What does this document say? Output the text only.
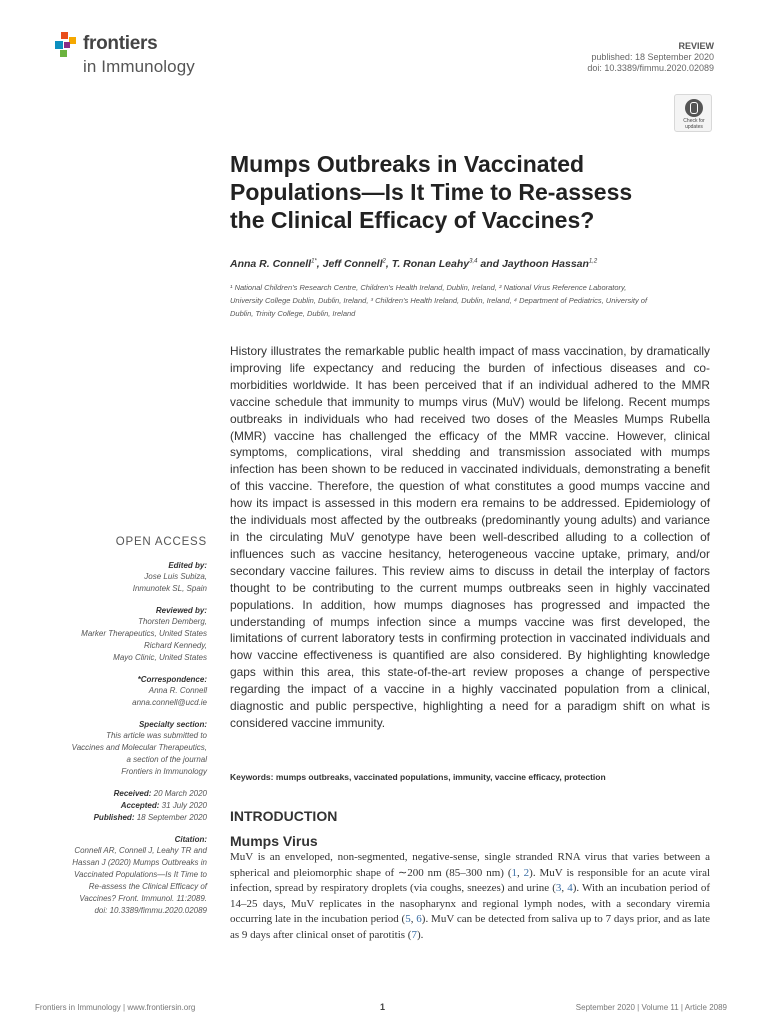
frontiers
in Immunology
REVIEW
published: 18 September 2020
doi: 10.3389/fimmu.2020.02089
Check for
updates
Mumps Outbreaks in Vaccinated
Populations—Is It Time to Re-assess
the Clinical Efficacy of Vaccines?
Anna R. Connell$^{1*}$, Jeff Connell$^2$, T. Ronan Leahy$^{3,4}$ and Jaythoon Hassan$^{1,2}$
¹ National Children’s Research Centre, Children’s Health Ireland, Dublin, Ireland, ² National Virus Reference Laboratory,
University College Dublin, Dublin, Ireland, ³ Children’s Health Ireland, Dublin, Ireland, ⁴ Department of Pediatrics, University of
Dublin, Trinity College, Dublin, Ireland

History illustrates the remarkable public health impact of mass vaccination, by dramatically improving life expectancy and reducing the burden of infectious diseases and co-morbidities worldwide. It has been perceived that if an individual adhered to the MMR vaccine schedule that immunity to mumps virus (MuV) would be lifelong. Recent mumps outbreaks in individuals who had received two doses of the Measles Mumps Rubella (MMR) vaccine has challenged the efficacy of the MMR vaccine. However, clinical symptoms, complications, viral shedding and transmission associated with mumps infection has been shown to be reduced in vaccinated individuals, demonstrating a benefit of this vaccine. Therefore, the question of what constitutes a good mumps vaccine and how its impact is assessed in this modern era remains to be addressed. Epidemiology of the individuals most affected by the outbreaks (predominantly young adults) and variance in the circulating MuV genotype have been well-described alluding to a collection of influences such as vaccine hesitancy, heterogeneous vaccine uptake, primary, and/or secondary vaccine failures. This review aims to discuss in detail the interplay of factors thought to be contributing to the current mumps outbreaks seen in highly vaccinated populations. In addition, how mumps diagnoses has progressed and impacted the understanding of mumps infection since a mumps vaccine was first developed, the limitations of current laboratory tests in confirming protection in vaccinated individuals and how vaccine effectiveness is quantified are also considered. By highlighting knowledge gaps within this area, this state-of-the-art review proposes a change of perspective regarding the impact of a vaccine in a highly vaccinated population from a clinical, diagnostic and public perspective, highlighting a need for a paradigm shift on what is considered vaccine immunity.

Keywords: mumps outbreaks, vaccinated populations, immunity, vaccine efficacy, protection
OPEN ACCESS
Edited by:
Jose Luis Subiza,
Inmunotek SL, Spain
Reviewed by:
Thorsten Demberg,
Marker Therapeutics, United States
Richard Kennedy,
Mayo Clinic, United States
*Correspondence:
Anna R. Connell
anna.connell@ucd.ie
Specialty section:
This article was submitted to
Vaccines and Molecular Therapeutics,
a section of the journal
Frontiers in Immunology
Received: 20 March 2020
Accepted: 31 July 2020
Published: 18 September 2020
Citation:
Connell AR, Connell J, Leahy TR and
Hassan J (2020) Mumps Outbreaks in
Vaccinated Populations—Is It Time to
Re-assess the Clinical Efficacy of
Vaccines? Front. Immunol. 11:2089.
doi: 10.3389/fimmu.2020.02089
INTRODUCTION
Mumps Virus

MuV is an enveloped, non-segmented, negative-sense, single stranded RNA virus that varies between a spherical and pleiomorphic shape of ∼200 nm (85–300 nm) (1, 2). MuV is responsible for an acute viral infection, spread by respiratory droplets (via coughs, sneezes) and urine (3, 4). With an incubation period of 14–25 days, MuV replicates in the nasopharynx and regional lymph nodes, with a secondary viremia occurring late in the incubation period (5, 6). MuV can be detected from saliva up to 7 days prior, and as late as 9 days after clinical onset of parotitis (7).

Frontiers in Immunology | www.frontiersin.org	1	September 2020 | Volume 11 | Article 2089
